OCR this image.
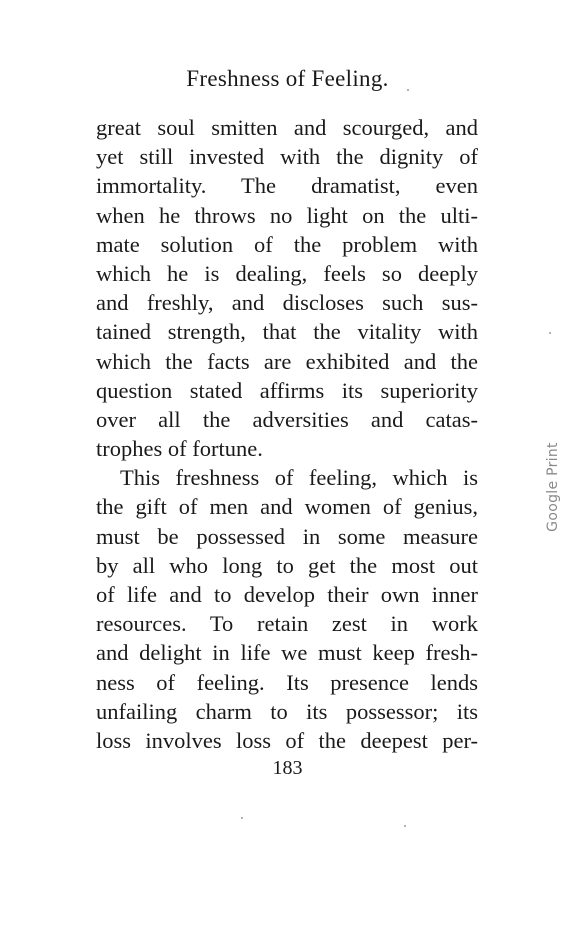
Freshness of Feeling.
great soul smitten and scourged, and
yet still invested with the dignity of
immortality. The dramatist, even
when he throws no light on the ulti-
mate solution of the problem with
which he is dealing, feels so deeply
and freshly, and discloses such sus-
tained strength, that the vitality with
which the facts are exhibited and the
question stated affirms its superiority
over all the adversities and catas-
trophes of fortune.
This freshness of feeling, which is
the gift of men and women of genius,
must be possessed in some measure
by all who long to get the most out
of life and to develop their own inner
resources. To retain zest in work
and delight in life we must keep fresh-
ness of feeling. Its presence lends
unfailing charm to its possessor; its
loss involves loss of the deepest per-
183
Google Print
